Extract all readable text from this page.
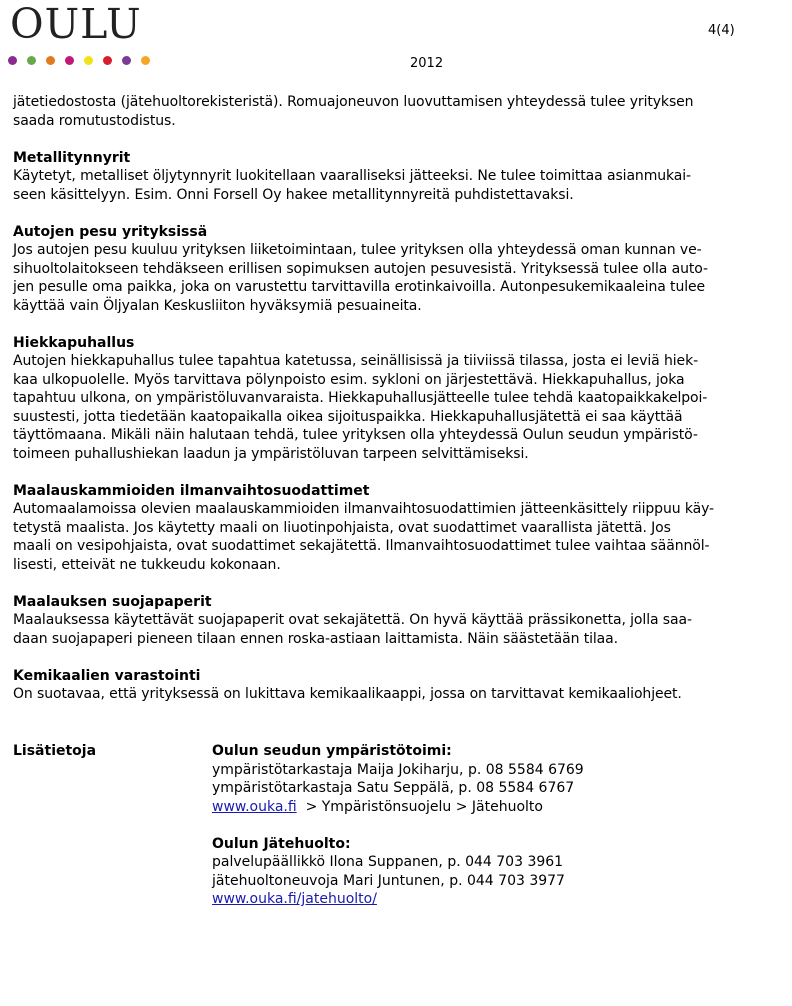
OULU	4(4)
2012

jätetiedostosta (jätehuoltorekisteristä). Romuajoneuvon luovuttamisen yhteydessä tulee yrityksen

saada romutustodistus.

Metallitynnyrit

Käytetyt, metalliset öljytynnyrit luokitellaan vaaralliseksi jätteeksi. Ne tulee toimittaa asianmukai-

seen käsittelyyn. Esim. Onni Forsell Oy hakee metallitynnyreitä puhdistettavaksi.

Autojen pesu yrityksissä

Jos autojen pesu kuuluu yrityksen liiketoimintaan, tulee yrityksen olla yhteydessä oman kunnan ve-

sihuoltolaitokseen tehdäkseen erillisen sopimuksen autojen pesuvesistä. Yrityksessä tulee olla auto-

jen pesulle oma paikka, joka on varustettu tarvittavilla erotinkaivoilla. Autonpesukemikaaleina tulee

käyttää vain Öljyalan Keskusliiton hyväksymiä pesuaineita.

Hiekkapuhallus

Autojen hiekkapuhallus tulee tapahtua katetussa, seinällisissä ja tiiviissä tilassa, josta ei leviä hiek-

kaa ulkopuolelle. Myös tarvittava pölynpoisto esim. sykloni on järjestettävä. Hiekkapuhallus, joka

tapahtuu ulkona, on ympäristöluvanvaraista. Hiekkapuhallusjätteelle tulee tehdä kaatopaikkakelpoi-

suustesti, jotta tiedetään kaatopaikalla oikea sijoituspaikka. Hiekkapuhallusjätettä ei saa käyttää

täyttömaana. Mikäli näin halutaan tehdä, tulee yrityksen olla yhteydessä Oulun seudun ympäristö-

toimeen puhallushiekan laadun ja ympäristöluvan tarpeen selvittämiseksi.

Maalauskammioiden ilmanvaihtosuodattimet

Automaalamoissa olevien maalauskammioiden ilmanvaihtosuodattimien jätteenkäsittely riippuu käy-

tetystä maalista. Jos käytetty maali on liuotinpohjaista, ovat suodattimet vaarallista jätettä. Jos

maali on vesipohjaista, ovat suodattimet sekajätettä. Ilmanvaihtosuodattimet tulee vaihtaa säännöl-

lisesti, etteivät ne tukkeudu kokonaan.

Maalauksen suojapaperit

Maalauksessa käytettävät suojapaperit ovat sekajätettä. On hyvä käyttää prässikonetta, jolla saa-

daan suojapaperi pieneen tilaan ennen roska-astiaan laittamista. Näin säästetään tilaa.

Kemikaalien varastointi

On suotavaa, että yrityksessä on lukittava kemikaalikaappi, jossa on tarvittavat kemikaaliohjeet.

Lisätietoja	Oulun seudun ympäristötoimi:
ympäristötarkastaja Maija Jokiharju, p. 08 5584 6769
ympäristötarkastaja Satu Seppälä, p. 08 5584 6767
www.ouka.fi  > Ympäristönsuojelu > Jätehuolto
Oulun Jätehuolto:
palvelupäällikkö Ilona Suppanen, p. 044 703 3961
jätehuoltoneuvoja Mari Juntunen, p. 044 703 3977
www.ouka.fi/jatehuolto/
